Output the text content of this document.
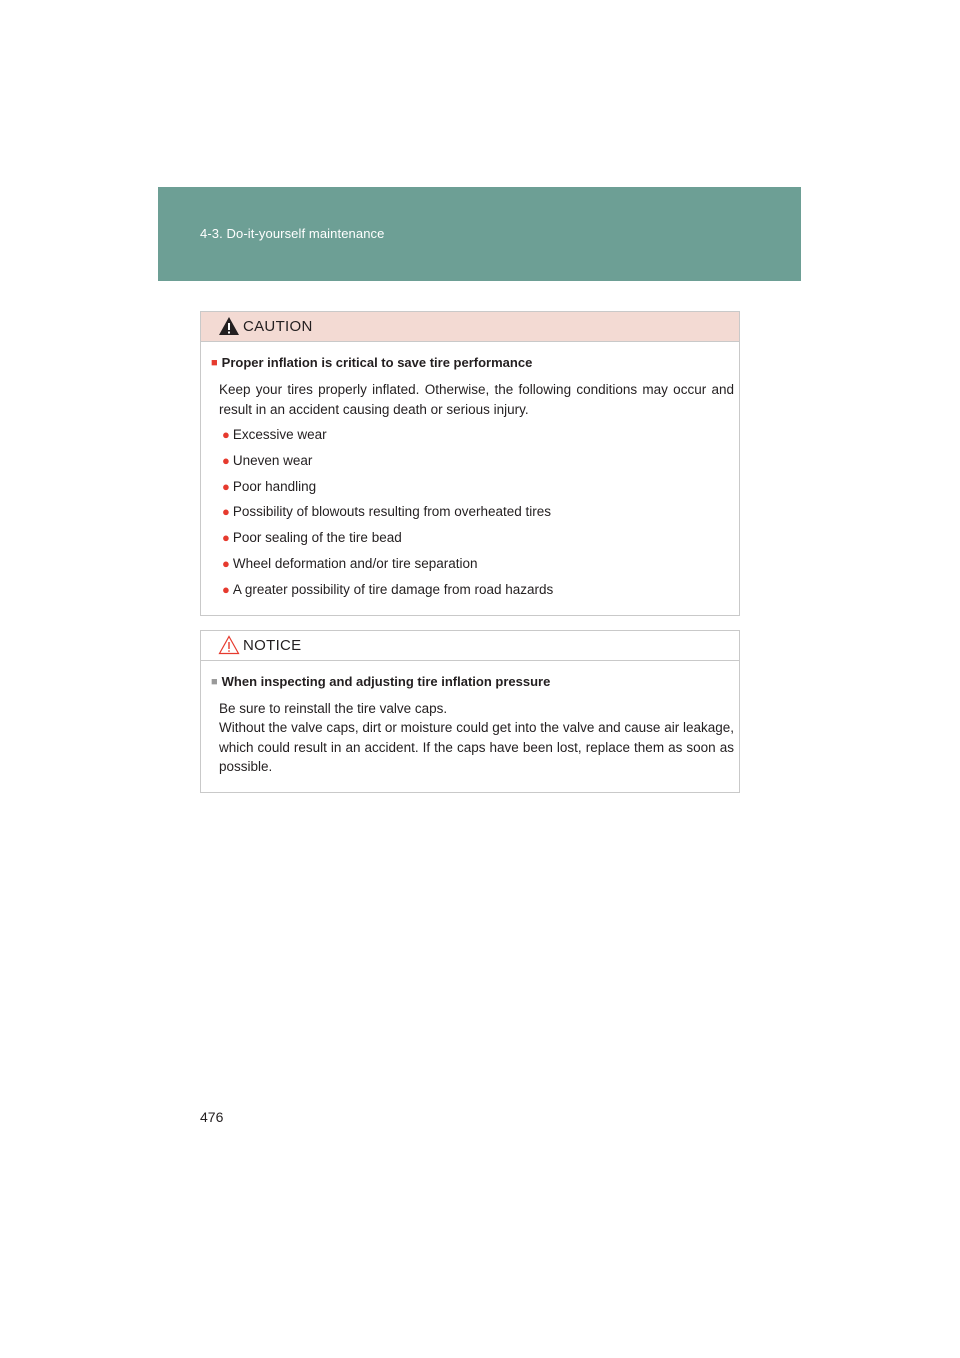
4-3. Do-it-yourself maintenance
CAUTION
■ Proper inflation is critical to save tire performance
Keep your tires properly inflated. Otherwise, the following conditions may occur and result in an accident causing death or serious injury.
● Excessive wear
● Uneven wear
● Poor handling
● Possibility of blowouts resulting from overheated tires
● Poor sealing of the tire bead
● Wheel deformation and/or tire separation
● A greater possibility of tire damage from road hazards
NOTICE
■ When inspecting and adjusting tire inflation pressure
Be sure to reinstall the tire valve caps.
Without the valve caps, dirt or moisture could get into the valve and cause air leakage, which could result in an accident. If the caps have been lost, replace them as soon as possible.
476
